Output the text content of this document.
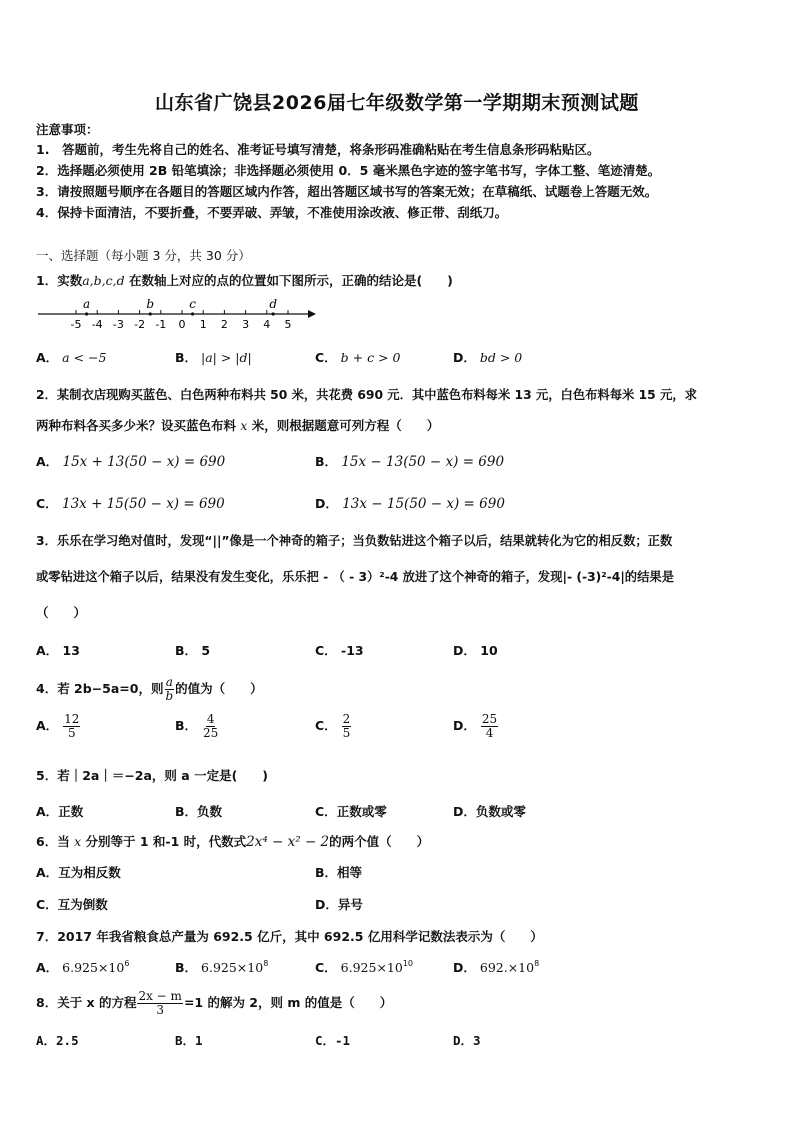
山东省广饶县2026届七年级数学第一学期期末预测试题
注意事项：
1.　答题前，考生先将自己的姓名、准考证号填写清楚，将条形码准确粘贴在考生信息条形码粘贴区。
2．选择题必须使用 2B 铅笔填涂；非选择题必须使用 0．5 毫米黑色字迹的签字笔书写，字体工整、笔迹清楚。
3．请按照题号顺序在各题目的答题区域内作答，超出答题区域书写的答案无效；在草稿纸、试题卷上答题无效。
4．保持卡面清洁，不要折叠，不要弄破、弄皱，不准使用涂改液、修正带、刮纸刀。
一、选择题（每小题 3 分，共 30 分）
1．实数a,b,c,d 在数轴上对应的点的位置如下图所示，正确的结论是(　　)
-5 -4 -3 -2 -1 0 1 2 3 4 5
a	b	c	d
A． a < −5	B． |a| > |d|	C． b + c > 0	D． bd > 0
2．某制衣店现购买蓝色、白色两种布料共 50 米，共花费 690 元．其中蓝色布料每米 13 元，白色布料每米 15 元，求
两种布料各买多少米？设买蓝色布料 x 米，则根据题意可列方程（　　）
A． 15x + 13(50 − x) = 690	B． 15x − 13(50 − x) = 690
C． 13x + 15(50 − x) = 690	D． 13x − 15(50 − x) = 690
3．乐乐在学习绝对值时，发现“||”像是一个神奇的箱子；当负数钻进这个箱子以后，结果就转化为它的相反数；正数
或零钻进这个箱子以后，结果没有发生变化，乐乐把 - （ - 3）²-4 放进了这个神奇的箱子，发现|- (-3)²-4|的结果是
（　　）
A． 13	B． 5	C． -13	D． 10
4．若 2b−5a=0，则 $\frac{a}{b}$ 的值为（　　）
A． $\frac{12}{5}$	B． $\frac{4}{25}$	C． $\frac{2}{5}$	D． $\frac{25}{4}$
5．若｜2a｜＝−2a，则 a 一定是(　　)
A．正数	B．负数	C．正数或零	D．负数或零
6．当 x 分别等于 1 和-1 时，代数式2x⁴ − x² − 2的两个值（　　）
A．互为相反数	B．相等
C．互为倒数	D．异号
7．2017 年我省粮食总产量为 692.5 亿斤，其中 692.5 亿用科学记数法表示为（　　）
A． $6.925\times 10^6$	B． $6.925\times 10^8$	C． $6.925\times 10^{10}$	D． $692.\times 10^8$
8．关于 x 的方程 $\frac{2x - m}{3} =1$ 的解为 2，则 m 的值是（　　）
A．2.5	B．1	C．-1	D．3
